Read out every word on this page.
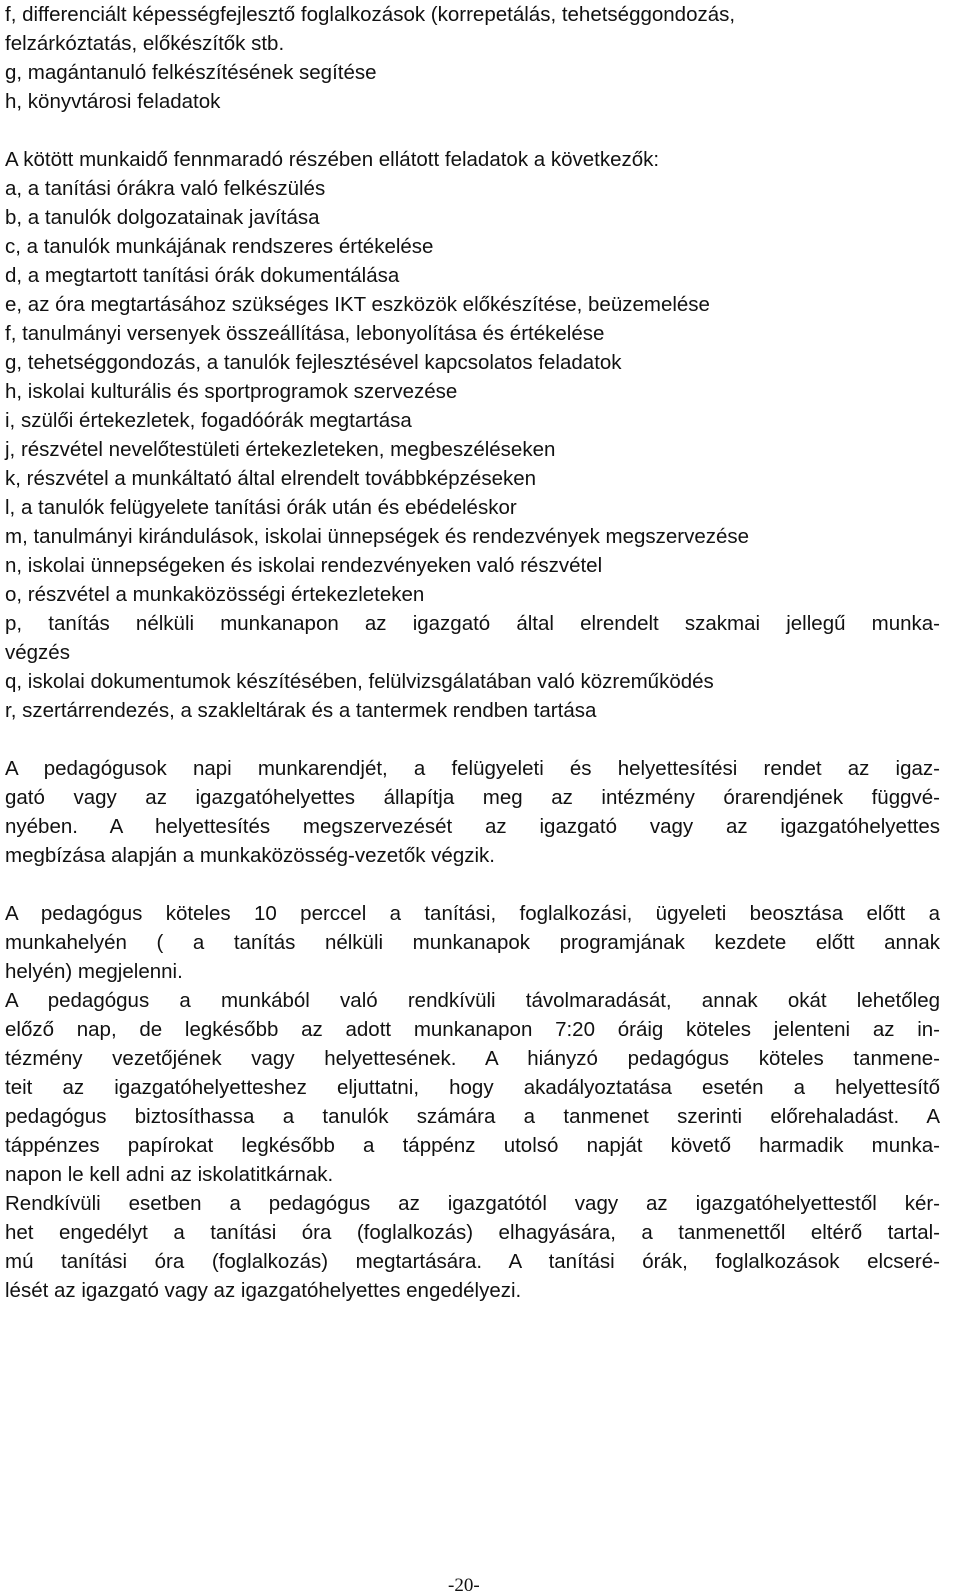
f, differenciált képességfejlesztő foglalkozások (korrepetálás, tehetséggondozás,
felzárkóztatás, előkészítők stb.
g, magántanuló felkészítésének segítése
h, könyvtárosi feladatok
A kötött munkaidő fennmaradó részében ellátott feladatok a következők:
a, a tanítási órákra való felkészülés
b, a tanulók dolgozatainak javítása
c, a tanulók munkájának rendszeres értékelése
d, a megtartott tanítási órák dokumentálása
e, az óra megtartásához szükséges IKT eszközök előkészítése, beüzemelése
f, tanulmányi versenyek összeállítása, lebonyolítása és értékelése
g, tehetséggondozás, a tanulók fejlesztésével kapcsolatos feladatok
h, iskolai kulturális és sportprogramok szervezése
i, szülői értekezletek, fogadóórák megtartása
j, részvétel nevelőtestületi értekezleteken, megbeszéléseken
k, részvétel a munkáltató által elrendelt továbbképzéseken
l, a tanulók felügyelete tanítási órák után és ebédeléskor
m, tanulmányi kirándulások, iskolai ünnepségek és rendezvények megszervezése
n, iskolai ünnepségeken és iskolai rendezvényeken való részvétel
o, részvétel a munkaközösségi értekezleteken
p, tanítás nélküli munkanapon az igazgató által elrendelt szakmai jellegű munka-
végzés
q, iskolai dokumentumok készítésében, felülvizsgálatában való közreműködés
r, szertárrendezés, a szakleltárak és a tantermek rendben tartása
A pedagógusok napi munkarendjét, a felügyeleti és helyettesítési rendet az igaz-
gató vagy az igazgatóhelyettes állapítja meg az intézmény órarendjének függvé-
nyében. A helyettesítés megszervezését az igazgató vagy az igazgatóhelyettes
megbízása alapján a munkaközösség-vezetők végzik.
A pedagógus köteles 10 perccel a tanítási, foglalkozási, ügyeleti beosztása előtt a
munkahelyén ( a tanítás nélküli munkanapok programjának kezdete előtt annak
helyén) megjelenni.
A pedagógus a munkából való rendkívüli távolmaradását, annak okát lehetőleg
előző nap, de legkésőbb az adott munkanapon 7:20 óráig köteles jelenteni az in-
tézmény vezetőjének vagy helyettesének. A hiányzó pedagógus köteles tanmene-
teit az igazgatóhelyetteshez eljuttatni, hogy akadályoztatása esetén a helyettesítő
pedagógus biztosíthassa a tanulók számára a tanmenet szerinti előrehaladást. A
táppénzes papírokat legkésőbb a táppénz utolsó napját követő harmadik munka-
napon le kell adni az iskolatitkárnak.
Rendkívüli esetben a pedagógus az igazgatótól vagy az igazgatóhelyettestől kér-
het engedélyt a tanítási óra (foglalkozás) elhagyására, a tanmenettől eltérő tartal-
mú tanítási óra (foglalkozás) megtartására. A tanítási órák, foglalkozások elcseré-
lését az igazgató vagy az igazgatóhelyettes engedélyezi.
-20-
